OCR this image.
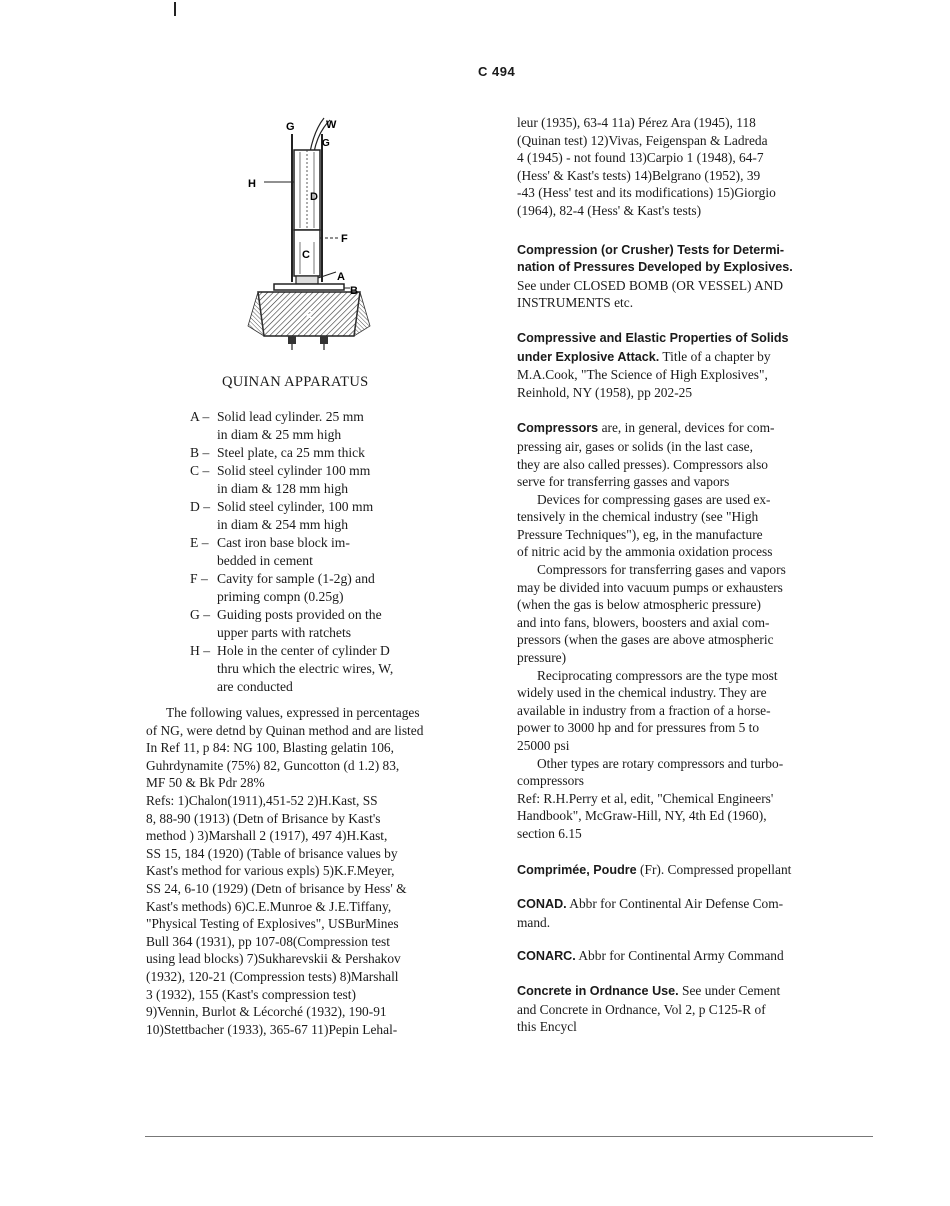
C 494
G	W
G
H
D
F
C
A
B
E
QUINAN APPARATUS
A – Solid lead cylinder. 25 mm
in diam & 25 mm high
B – Steel plate, ca 25 mm thick
C – Solid steel cylinder 100 mm
in diam & 128 mm high
D – Solid steel cylinder, 100 mm
in diam & 254 mm high
E – Cast iron base block im-
bedded in cement
F – Cavity for sample (1-2g) and
priming compn (0.25g)
G – Guiding posts provided on the
upper parts with ratchets
H – Hole in the center of cylinder D
thru which the electric wires, W,
are conducted
The following values, expressed in percentages
of NG, were detnd by Quinan method and are listed
In Ref 11, p 84: NG 100, Blasting gelatin 106,
Guhrdynamite (75%) 82, Guncotton (d 1.2) 83,
MF 50 & Bk Pdr 28%
Refs: 1)Chalon(1911),451-52 2)H.Kast, SS
8, 88-90 (1913) (Detn of Brisance by Kast's
method ) 3)Marshall 2 (1917), 497 4)H.Kast,
SS 15, 184 (1920) (Table of brisance values by
Kast's method for various expls) 5)K.F.Meyer,
SS 24, 6-10 (1929) (Detn of brisance by Hess' &
Kast's methods) 6)C.E.Munroe & J.E.Tiffany,
"Physical Testing of Explosives", USBurMines
Bull 364 (1931), pp 107-08(Compression test
using lead blocks) 7)Sukharevskii & Pershakov
(1932), 120-21 (Compression tests) 8)Marshall
3 (1932), 155 (Kast's compression test)
9)Vennin, Burlot & Lécorché (1932), 190-91
10)Stettbacher (1933), 365-67 11)Pepin Lehal-
leur (1935), 63-4 11a) Pérez Ara (1945), 118
(Quinan test) 12)Vivas, Feigenspan & Ladreda
4 (1945) - not found 13)Carpio 1 (1948), 64-7
(Hess' & Kast's tests) 14)Belgrano (1952), 39
-43 (Hess' test and its modifications) 15)Giorgio
(1964), 82-4 (Hess' & Kast's tests)
Compression (or Crusher) Tests for Determi-
nation of Pressures Developed by Explosives.
See under CLOSED BOMB (OR VESSEL) AND
INSTRUMENTS etc.
Compressive and Elastic Properties of Solids
under Explosive Attack. Title of a chapter by
M.A.Cook, "The Science of High Explosives",
Reinhold, NY (1958), pp 202-25
Compressors are, in general, devices for com-
pressing air, gases or solids (in the last case,
they are also called presses). Compressors also
serve for transferring gasses and vapors
Devices for compressing gases are used ex-
tensively in the chemical industry (see "High
Pressure Techniques"), eg, in the manufacture
of nitric acid by the ammonia oxidation process
Compressors for transferring gases and vapors
may be divided into vacuum pumps or exhausters
(when the gas is below atmospheric pressure)
and into fans, blowers, boosters and axial com-
pressors (when the gases are above atmospheric
pressure)
Reciprocating compressors are the type most
widely used in the chemical industry. They are
available in industry from a fraction of a horse-
power to 3000 hp and for pressures from 5 to
25000 psi
Other types are rotary compressors and turbo-
compressors
Ref: R.H.Perry et al, edit, "Chemical Engineers'
Handbook", McGraw-Hill, NY, 4th Ed (1960),
section 6.15
Comprimée, Poudre (Fr). Compressed propellant
CONAD. Abbr for Continental Air Defense Com-
mand.
CONARC. Abbr for Continental Army Command
Concrete in Ordnance Use. See under Cement
and Concrete in Ordnance, Vol 2, p C125-R of
this Encycl
